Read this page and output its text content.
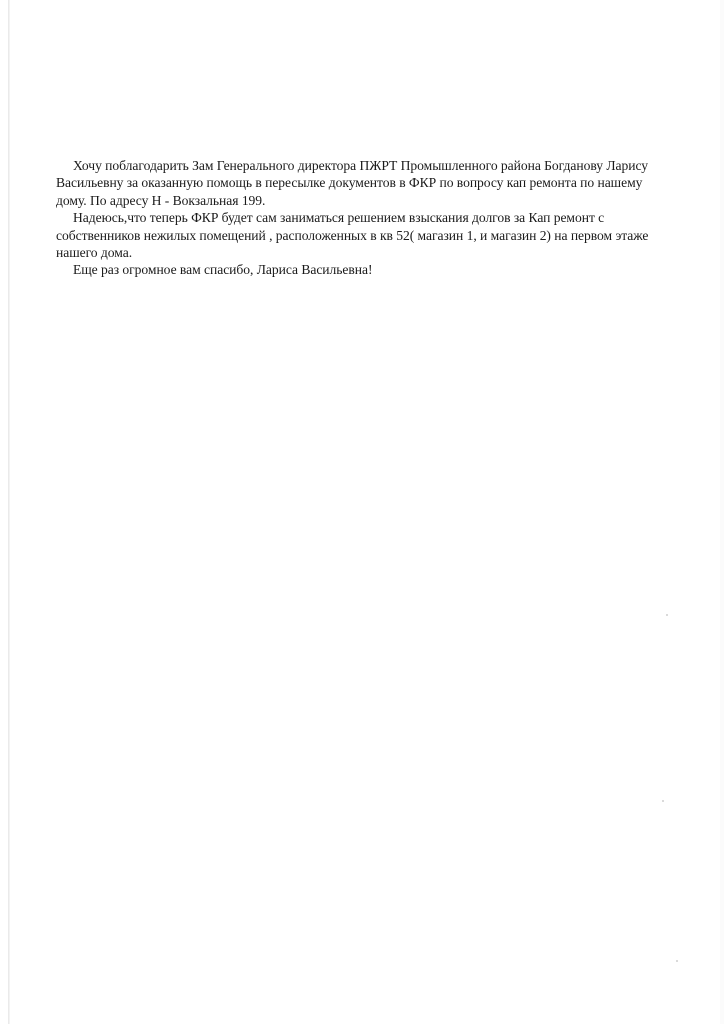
Хочу поблагодарить Зам Генерального директора ПЖРТ Промышленного района Богданову Ларису Васильевну за оказанную помощь в пересылке документов в ФКР по вопросу кап ремонта по нашему дому. По адресу Н - Вокзальная 199.

Надеюсь,что теперь ФКР будет сам заниматься решением взыскания долгов за Кап ремонт с собственников нежилых помещений , расположенных в кв 52( магазин 1, и магазин 2) на первом этаже нашего дома.

Еще раз огромное вам спасибо, Лариса Васильевна!
